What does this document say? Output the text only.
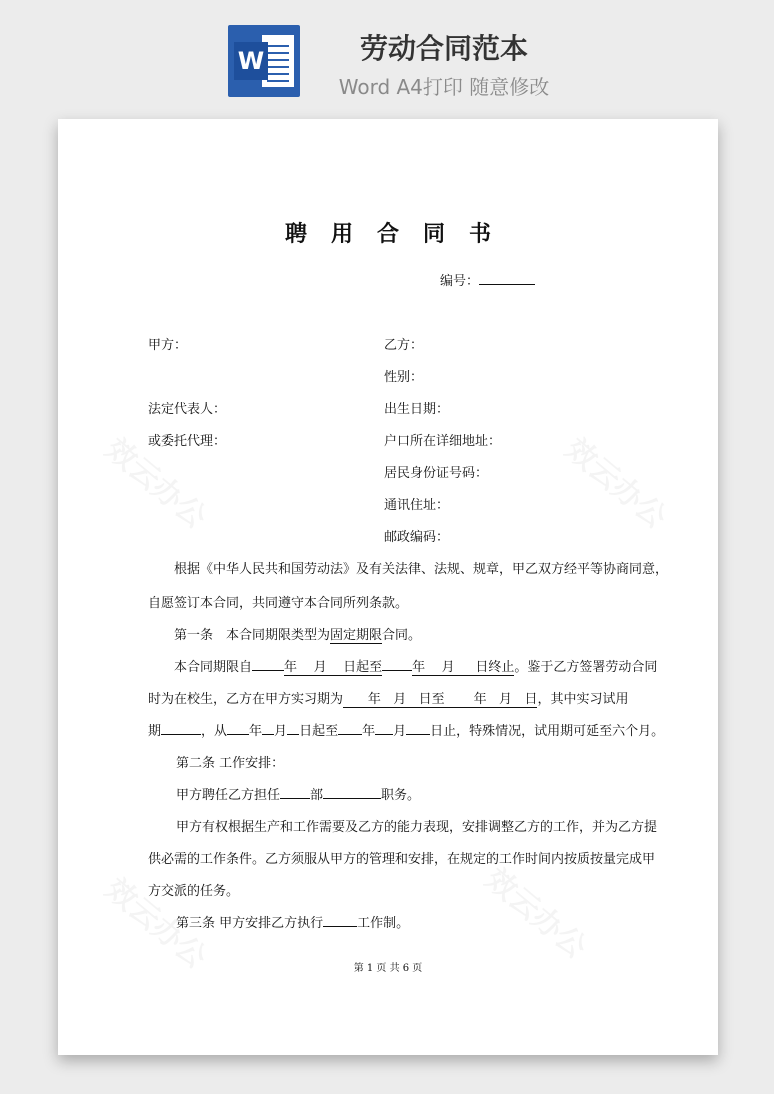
W	劳动合同范本
Word A4打印 随意修改
聘用合同书
编号：
甲方：	乙方：
性别：
法定代表人：	出生日期：
或委托代理：	户口所在详细地址：
居民身份证号码：
通讯住址：
邮政编码：
根据《中华人民共和国劳动法》及有关法律、法规、规章，甲乙双方经平等协商同意，
自愿签订本合同，共同遵守本合同所列条款。
第一条　本合同期限类型为固定期限合同。
本合同期限自 年 月 日起至 年 月 日终止。鉴于乙方签署劳动合同
时为在校生，乙方在甲方实习期为 年 月 日至 年 月 日，其中实习试用
期	，从 年 月 日起至 年 月 日止，特殊情况，试用期可延至六个月。
第二条 工作安排：
甲方聘任乙方担任 部	职务。
甲方有权根据生产和工作需要及乙方的能力表现，安排调整乙方的工作，并为乙方提
供必需的工作条件。乙方须服从甲方的管理和安排，在规定的工作时间内按质按量完成甲
方交派的任务。
第三条 甲方安排乙方执行	工作制。
第 1 页 共 6 页
